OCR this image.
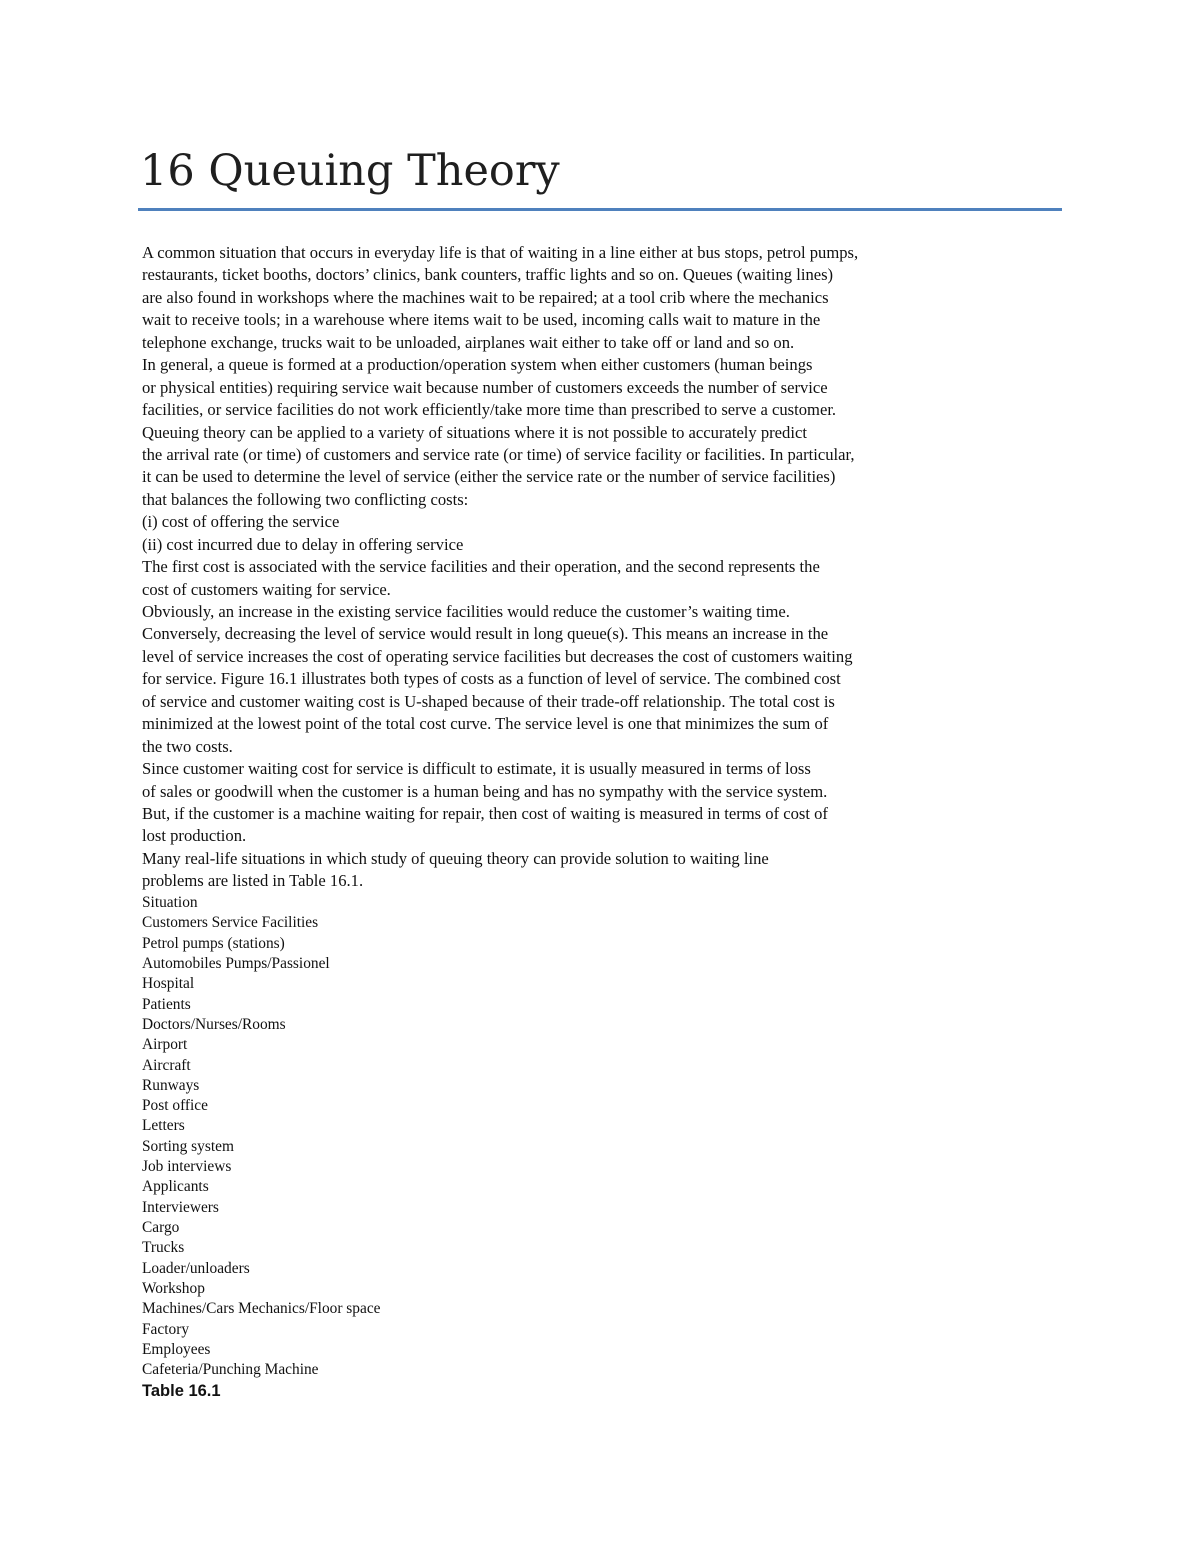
16 Queuing Theory
A common situation that occurs in everyday life is that of waiting in a line either at bus stops, petrol pumps,
restaurants, ticket booths, doctors’ clinics, bank counters, traffic lights and so on. Queues (waiting lines)
are also found in workshops where the machines wait to be repaired; at a tool crib where the mechanics
wait to receive tools; in a warehouse where items wait to be used, incoming calls wait to mature in the
telephone exchange, trucks wait to be unloaded, airplanes wait either to take off or land and so on.
In general, a queue is formed at a production/operation system when either customers (human beings
or physical entities) requiring service wait because number of customers exceeds the number of service
facilities, or service facilities do not work efficiently/take more time than prescribed to serve a customer.
Queuing theory can be applied to a variety of situations where it is not possible to accurately predict
the arrival rate (or time) of customers and service rate (or time) of service facility or facilities. In particular,
it can be used to determine the level of service (either the service rate or the number of service facilities)
that balances the following two conflicting costs:
(i) cost of offering the service
(ii) cost incurred due to delay in offering service
The first cost is associated with the service facilities and their operation, and the second represents the
cost of customers waiting for service.
Obviously, an increase in the existing service facilities would reduce the customer’s waiting time.
Conversely, decreasing the level of service would result in long queue(s). This means an increase in the
level of service increases the cost of operating service facilities but decreases the cost of customers waiting
for service. Figure 16.1 illustrates both types of costs as a function of level of service. The combined cost
of service and customer waiting cost is U-shaped because of their trade-off relationship. The total cost is
minimized at the lowest point of the total cost curve. The service level is one that minimizes the sum of
the two costs.
Since customer waiting cost for service is difficult to estimate, it is usually measured in terms of loss
of sales or goodwill when the customer is a human being and has no sympathy with the service system.
But, if the customer is a machine waiting for repair, then cost of waiting is measured in terms of cost of
lost production.
Many real-life situations in which study of queuing theory can provide solution to waiting line
problems are listed in Table 16.1.
Situation
Customers Service Facilities
Petrol pumps (stations)
Automobiles Pumps/Passionel
Hospital
Patients
Doctors/Nurses/Rooms
Airport
Aircraft
Runways
Post office
Letters
Sorting system
Job interviews
Applicants
Interviewers
Cargo
Trucks
Loader/unloaders
Workshop
Machines/Cars Mechanics/Floor space
Factory
Employees
Cafeteria/Punching Machine

Table 16.1
